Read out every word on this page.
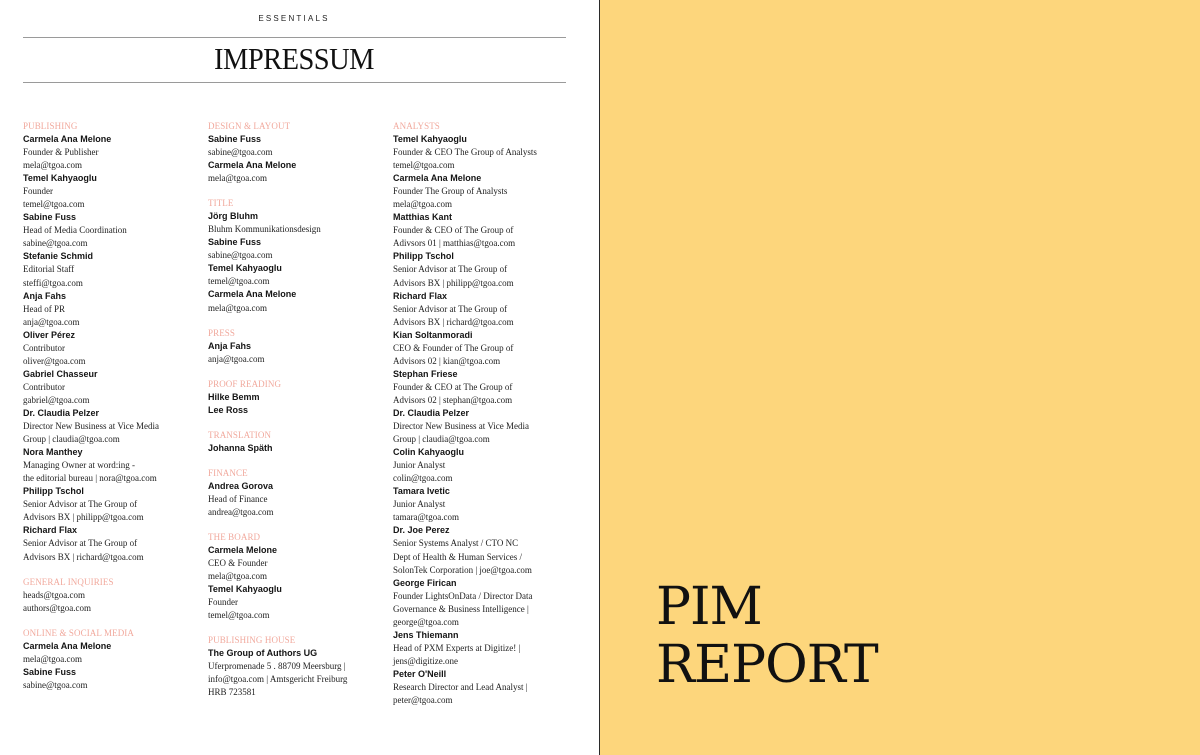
ESSENTIALS
IMPRESSUM
PUBLISHING
Carmela Ana Melone
Founder & Publisher
mela@tgoa.com
Temel Kahyaoglu
Founder
temel@tgoa.com
Sabine Fuss
Head of Media Coordination
sabine@tgoa.com
Stefanie Schmid
Editorial Staff
steffi@tgoa.com
Anja Fahs
Head of PR
anja@tgoa.com
Oliver Pérez
Contributor
oliver@tgoa.com
Gabriel Chasseur
Contributor
gabriel@tgoa.com
Dr. Claudia Pelzer
Director New Business at Vice Media
Group | claudia@tgoa.com
Nora Manthey
Managing Owner at word:ing -
the editorial bureau | nora@tgoa.com
Philipp Tschol
Senior Advisor at The Group of
Advisors BX | philipp@tgoa.com
Richard Flax
Senior Advisor at The Group of
Advisors BX | richard@tgoa.com
GENERAL INQUIRIES
heads@tgoa.com
authors@tgoa.com
ONLINE & SOCIAL MEDIA
Carmela Ana Melone
mela@tgoa.com
Sabine Fuss
sabine@tgoa.com
DESIGN & LAYOUT
Sabine Fuss
sabine@tgoa.com
Carmela Ana Melone
mela@tgoa.com
TITLE
Jörg Bluhm
Bluhm Kommunikationsdesign
Sabine Fuss
sabine@tgoa.com
Temel Kahyaoglu
temel@tgoa.com
Carmela Ana Melone
mela@tgoa.com
PRESS
Anja Fahs
anja@tgoa.com
PROOF READING
Hilke Bemm
Lee Ross
TRANSLATION
Johanna Späth
FINANCE
Andrea Gorova
Head of Finance
andrea@tgoa.com
THE BOARD
Carmela Melone
CEO & Founder
mela@tgoa.com
Temel Kahyaoglu
Founder
temel@tgoa.com
PUBLISHING HOUSE
The Group of Authors UG
Uferpromenade 5 . 88709 Meersburg |
info@tgoa.com | Amtsgericht Freiburg
HRB 723581
ANALYSTS
Temel Kahyaoglu
Founder & CEO The Group of Analysts
temel@tgoa.com
Carmela Ana Melone
Founder The Group of Analysts
mela@tgoa.com
Matthias Kant
Founder & CEO of The Group of
Adivsors 01 | matthias@tgoa.com
Philipp Tschol
Senior Advisor at The Group of
Advisors BX | philipp@tgoa.com
Richard Flax
Senior Advisor at The Group of
Advisors BX | richard@tgoa.com
Kian Soltanmoradi
CEO & Founder of The Group of
Advisors 02 | kian@tgoa.com
Stephan Friese
Founder & CEO at The Group of
Advisors 02 | stephan@tgoa.com
Dr. Claudia Pelzer
Director New Business at Vice Media
Group | claudia@tgoa.com
Colin Kahyaoglu
Junior Analyst
colin@tgoa.com
Tamara Ivetic
Junior Analyst
tamara@tgoa.com
Dr. Joe Perez
Senior Systems Analyst / CTO NC
Dept of Health & Human Services /
SolonTek Corporation | joe@tgoa.com
George Firican
Founder LightsOnData / Director Data
Governance & Business Intelligence |
george@tgoa.com
Jens Thiemann
Head of PXM Experts at Digitize! |
jens@digitize.one
Peter O'Neill
Research Director and Lead Analyst |
peter@tgoa.com
PIM
REPORT
